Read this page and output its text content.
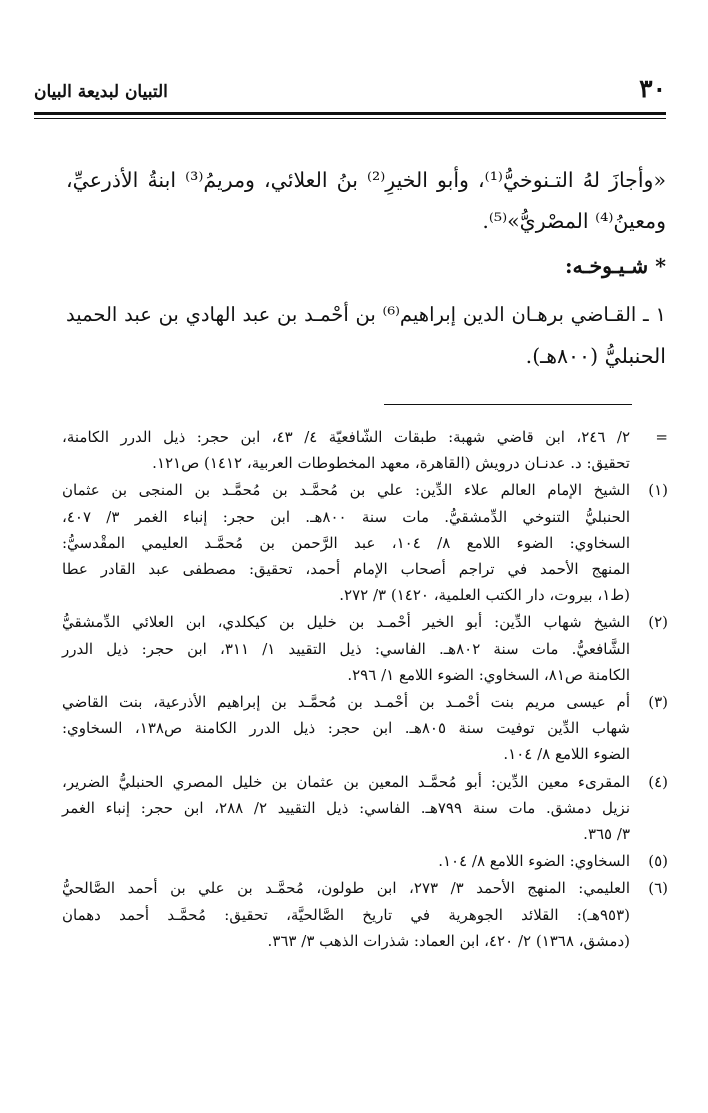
٣٠
التبيان لبديعة البيان
«وأجازَ لهُ التـنوخيُّ⁽¹⁾، وأبو الخيرِ⁽²⁾ بنُ العلائي، ومريمُ⁽³⁾ ابنةُ الأذرعيِّ،
ومعينُ⁽⁴⁾ المصْريُّ»⁽⁵⁾.
* شـيـوخـه:
١ ـ القـاضي برهـان الدين إبراهيم⁽⁶⁾ بن أحْمـد بن عبد الهادي بن عبد الحميد
الحنبليُّ (٨٠٠هـ).
=
٢/ ٢٤٦، ابن قاضي شهبة: طبقات الشّافعيّة ٤/ ٤٣، ابن حجر: ذيل الدرر الكامنة،
تحقيق: د. عدنـان درويش (القاهرة، معهد المخطوطات العربية، ١٤١٢) ص١٢١.
(١)
الشيخ الإمام العالم علاء الدِّين: علي بن مُحمَّـد بن مُحمَّـد بن المنجى بن عثمان
الحنبليُّ التنوخي الدِّمشقيُّ. مات سنة ٨٠٠هـ. ابن حجر: إنباء الغمر ٣/ ٤٠٧،
السخاوي: الضوء اللامع ٨/ ١٠٤، عبد الرَّحمن بن مُحمَّـد العليمي المقْدسيُّ:
المنهج الأحمد في تراجم أصحاب الإمام أحمد، تحقيق: مصطفى عبد القادر عطا
(ط١، بيروت، دار الكتب العلمية، ١٤٢٠) ٣/ ٢٧٢.
(٢)
الشيخ شهاب الدِّين: أبو الخير أحْمـد بن خليل بن كيكلدي، ابن العلائي الدِّمشقيُّ
الشَّافعيُّ. مات سنة ٨٠٢هـ. الفاسي: ذيل التقييد ١/ ٣١١، ابن حجر: ذيل الدرر
الكامنة ص٨١، السخاوي: الضوء اللامع ١/ ٢٩٦.
(٣)
أم عيسى مريم بنت أحْمـد بن أحْمـد بن مُحمَّـد بن إبراهيم الأذرعية، بنت القاضي
شهاب الدِّين توفيت سنة ٨٠٥هـ. ابن حجر: ذيل الدرر الكامنة ص١٣٨، السخاوي:
الضوء اللامع ٨/ ١٠٤.
(٤)
المقرىء معين الدِّين: أبو مُحمَّـد المعين بن عثمان بن خليل المصري الحنبليُّ الضرير،
نزيل دمشق. مات سنة ٧٩٩هـ. الفاسي: ذيل التقييد ٢/ ٢٨٨، ابن حجر: إنباء الغمر
٣/ ٣٦٥.
(٥)
السخاوي: الضوء اللامع ٨/ ١٠٤.
(٦)
العليمي: المنهج الأحمد ٣/ ٢٧٣، ابن طولون، مُحمَّـد بن علي بن أحمد الصَّالحيُّ
(٩٥٣هـ): القلائد الجوهرية في تاريخ الصَّالحيَّة، تحقيق: مُحمَّـد أحمد دهمان
(دمشق، ١٣٦٨) ٢/ ٤٢٠، ابن العماد: شذرات الذهب ٣/ ٣٦٣.
